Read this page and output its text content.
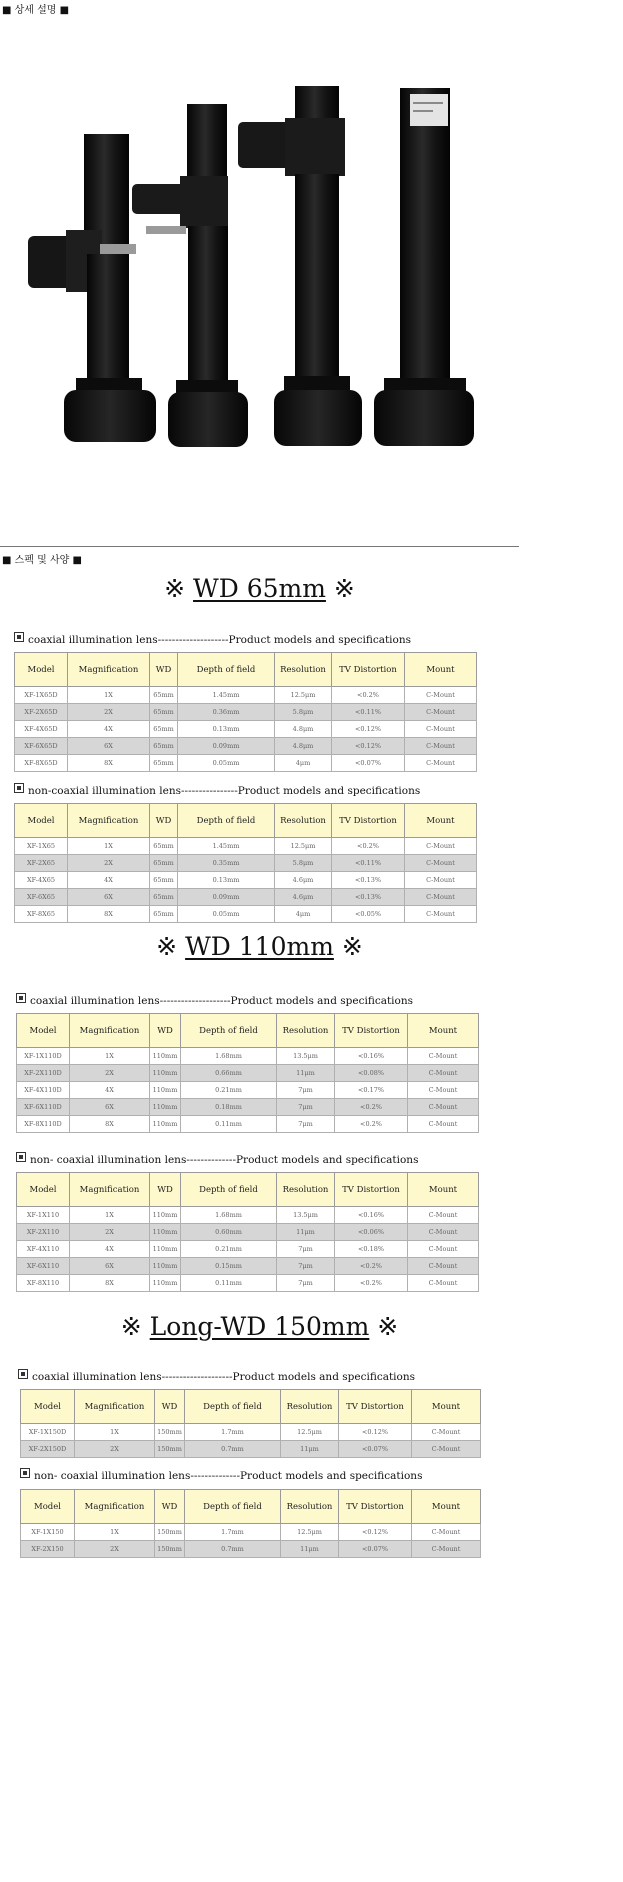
■ 상세 설명 ■
■ 스펙 및 사양 ■
※ WD 65mm ※
coaxial illumination lens--------------------Product models and specifications
Model	Magnification	WD	Depth of field	Resolution	TV Distortion	Mount
XF-1X65D	1X	65mm	1.45mm	12.5μm	<0.2%	C-Mount
XF-2X65D	2X	65mm	0.36mm	5.8μm	<0.11%	C-Mount
XF-4X65D	4X	65mm	0.13mm	4.8μm	<0.12%	C-Mount
XF-6X65D	6X	65mm	0.09mm	4.8μm	<0.12%	C-Mount
XF-8X65D	8X	65mm	0.05mm	4μm	<0.07%	C-Mount
non-coaxial illumination lens----------------Product models and specifications
Model	Magnification	WD	Depth of field	Resolution	TV Distortion	Mount
XF-1X65	1X	65mm	1.45mm	12.5μm	<0.2%	C-Mount
XF-2X65	2X	65mm	0.35mm	5.8μm	<0.11%	C-Mount
XF-4X65	4X	65mm	0.13mm	4.6μm	<0.13%	C-Mount
XF-6X65	6X	65mm	0.09mm	4.6μm	<0.13%	C-Mount
XF-8X65	8X	65mm	0.05mm	4μm	<0.05%	C-Mount
※ WD 110mm ※
coaxial illumination lens--------------------Product models and specifications
Model	Magnification	WD	Depth of field	Resolution	TV Distortion	Mount
XF-1X110D	1X	110mm	1.68mm	13.5μm	<0.16%	C-Mount
XF-2X110D	2X	110mm	0.66mm	11μm	<0.08%	C-Mount
XF-4X110D	4X	110mm	0.21mm	7μm	<0.17%	C-Mount
XF-6X110D	6X	110mm	0.18mm	7μm	<0.2%	C-Mount
XF-8X110D	8X	110mm	0.11mm	7μm	<0.2%	C-Mount
non- coaxial illumination lens--------------Product models and specifications
Model	Magnification	WD	Depth of field	Resolution	TV Distortion	Mount
XF-1X110	1X	110mm	1.68mm	13.5μm	<0.16%	C-Mount
XF-2X110	2X	110mm	0.60mm	11μm	<0.06%	C-Mount
XF-4X110	4X	110mm	0.21mm	7μm	<0.18%	C-Mount
XF-6X110	6X	110mm	0.15mm	7μm	<0.2%	C-Mount
XF-8X110	8X	110mm	0.11mm	7μm	<0.2%	C-Mount
※ Long-WD 150mm ※
coaxial illumination lens--------------------Product models and specifications
Model	Magnification	WD	Depth of field	Resolution	TV Distortion	Mount
XF-1X150D	1X	150mm	1.7mm	12.5μm	<0.12%	C-Mount
XF-2X150D	2X	150mm	0.7mm	11μm	<0.07%	C-Mount
non- coaxial illumination lens--------------Product models and specifications
Model	Magnification	WD	Depth of field	Resolution	TV Distortion	Mount
XF-1X150	1X	150mm	1.7mm	12.5μm	<0.12%	C-Mount
XF-2X150	2X	150mm	0.7mm	11μm	<0.07%	C-Mount
